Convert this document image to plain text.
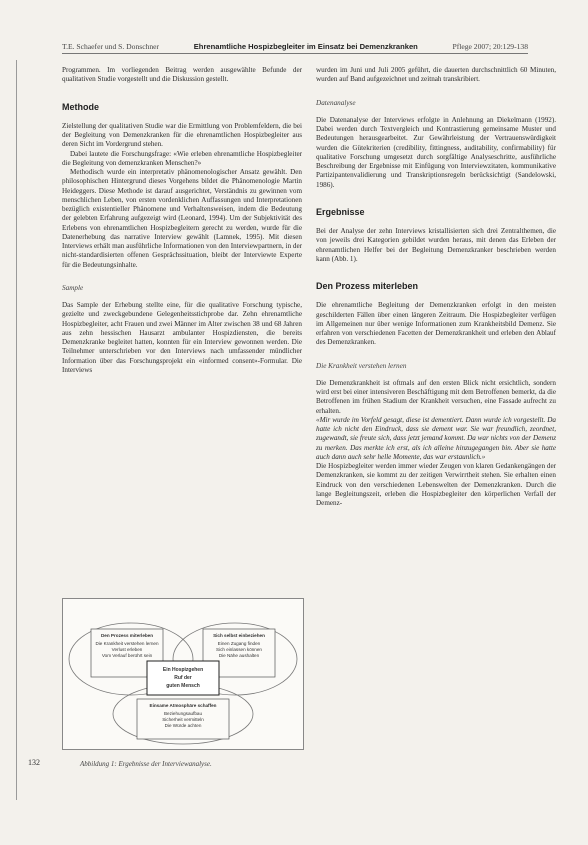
T.E. Schaefer und S. Donschner	Ehrenamtliche Hospizbegleiter im Einsatz bei Demenzkranken	Pflege 2007; 20:129-138

Programmen. Im vorliegenden Beitrag werden ausgewählte Befunde der qualitativen Studie vorgestellt und die Diskussion gestellt.

Methode

Zielstellung der qualitativen Studie war die Ermittlung von Problemfeldern, die bei der Begleitung von Demenzkranken für die ehrenamtlichen Hospizbegleiter aus deren Sicht im Vordergrund stehen.

Dabei lautete die Forschungsfrage: «Wie erleben ehrenamtliche Hospizbegleiter die Begleitung von demenzkranken Menschen?»

Methodisch wurde ein interpretativ phänomenologischer Ansatz gewählt. Den philosophischen Hintergrund dieses Vorgehens bildet die Phänomenologie Martin Heideggers. Diese Methode ist darauf ausgerichtet, Verständnis zu gewinnen vom menschlichen Leben, von ersten vordenklichen Auffassungen und Interpretationen bezüglich existentieller Phänomene und Verhaltensweisen, indem die Bedeutung der gelebten Erfahrung aufgezeigt wird (Leonard, 1994). Um der Subjektivität des Erlebens von ehrenamtlichen Hospizbegleitern gerecht zu werden, wurde für die Datenerhebung das narrative Interview gewählt (Lamnek, 1995). Mit diesen Interviews erhält man ausführliche Informationen von den Interviewpartnern, in der nicht-standardisierten offenen Gesprächssituation, bleibt der Interviewte Experte für die Bedeutungsinhalte.

Sample

Das Sample der Erhebung stellte eine, für die qualitative Forschung typische, gezielte und zweckgebundene Gelegenheitsstichprobe dar. Zehn ehrenamtliche Hospizbegleiter, acht Frauen und zwei Männer im Alter zwischen 38 und 68 Jahren aus zehn hessischen Hausarzt ambulanter Hospizdiensten, die bereits Demenzkranke begleitet hatten, konnten für ein Interview gewonnen werden. Die Teilnehmer unterschrieben vor den Interviews nach umfassender mündlicher Information über das Forschungsprojekt ein «informed consent»-Formular. Die Interviews

Den Prozess miterleben
Die Krankheit verstehen lernen
Verlust erleben
Vom Verlauf berührt sein
Sich selbst einbeziehen
Einen Zugang finden
Sich einlassen können
Die Nähe aushalten
Ein Hospizgehen
Ruf der
guten Mensch
Einsame Atmosphäre schaffen
Beziehungsaufbau
Sicherheit vermitteln
Die Würde achten
Abbildung 1: Ergebnisse der Interviewanalyse.
132

wurden im Juni und Juli 2005 geführt, die dauerten durchschnittlich 60 Minuten, wurden auf Band aufgezeichnet und zeitnah transkribiert.

Datenanalyse

Die Datenanalyse der Interviews erfolgte in Anlehnung an Diekelmann (1992). Dabei werden durch Textvergleich und Kontrastierung gemeinsame Muster und Bedeutungen herausgearbeitet. Zur Gewährleistung der Vertrauenswürdigkeit wurden die Gütekriterien (credibility, fittingness, auditability, confirmability) für qualitative Forschung umgesetzt durch sorgfältige Analyseschritte, ausführliche Beschreibung der Ergebnisse mit Einfügung von Interviewzitaten, kommunikative Partizipantenvalidierung und Transkriptionsregeln berücksichtigt (Sandelowski, 1986).

Ergebnisse

Bei der Analyse der zehn Interviews kristallisierten sich drei Zentralthemen, die von jeweils drei Kategorien gebildet wurden heraus, mit denen das Erleben der ehrenamtlichen Helfer bei der Begleitung Demenzkranker beschrieben werden kann (Abb. 1).

Den Prozess miterleben

Die ehrenamtliche Begleitung der Demenzkranken erfolgt in den meisten geschilderten Fällen über einen längeren Zeitraum. Die Hospizbegleiter verfügen im Allgemeinen nur über wenige Informationen zum Krankheitsbild Demenz. Sie erfahren von verschiedenen Facetten der Demenzkrankheit und erleben den Ablauf des Demenzkranken.

Die Krankheit verstehen lernen

Die Demenzkrankheit ist oftmals auf den ersten Blick nicht ersichtlich, sondern wird erst bei einer intensiveren Beschäftigung mit dem Betroffenen bemerkt, da die Betroffenen im frühen Stadium der Krankheit versuchen, eine Fassade aufrecht zu erhalten.

«Mir wurde im Vorfeld gesagt, diese ist dementiert. Dann wurde ich vorgestellt. Da hatte ich nicht den Eindruck, dass sie dement war. Sie war freundlich, zeordnet, zugewandt, sie freute sich, dass jetzt jemand kommt. Da war nichts von der Demenz zu merken. Das merkte ich erst, als ich alleine hinzugegangen bin. Aber sie hatte auch dann auch sehr helle Momente, das war erstaunlich.»

Die Hospizbegleiter werden immer wieder Zeugen von klaren Gedankengängen der Demenzkranken, sie kommt zu der zeitigen Verwirrtheit stehen. Sie erhalten einen Eindruck von den verschiedenen Lebenswelten der Demenzkranken. Durch die lange Begleitungszeit, erleben die Hospizbegleiter den körperlichen Verfall der Demenz-
